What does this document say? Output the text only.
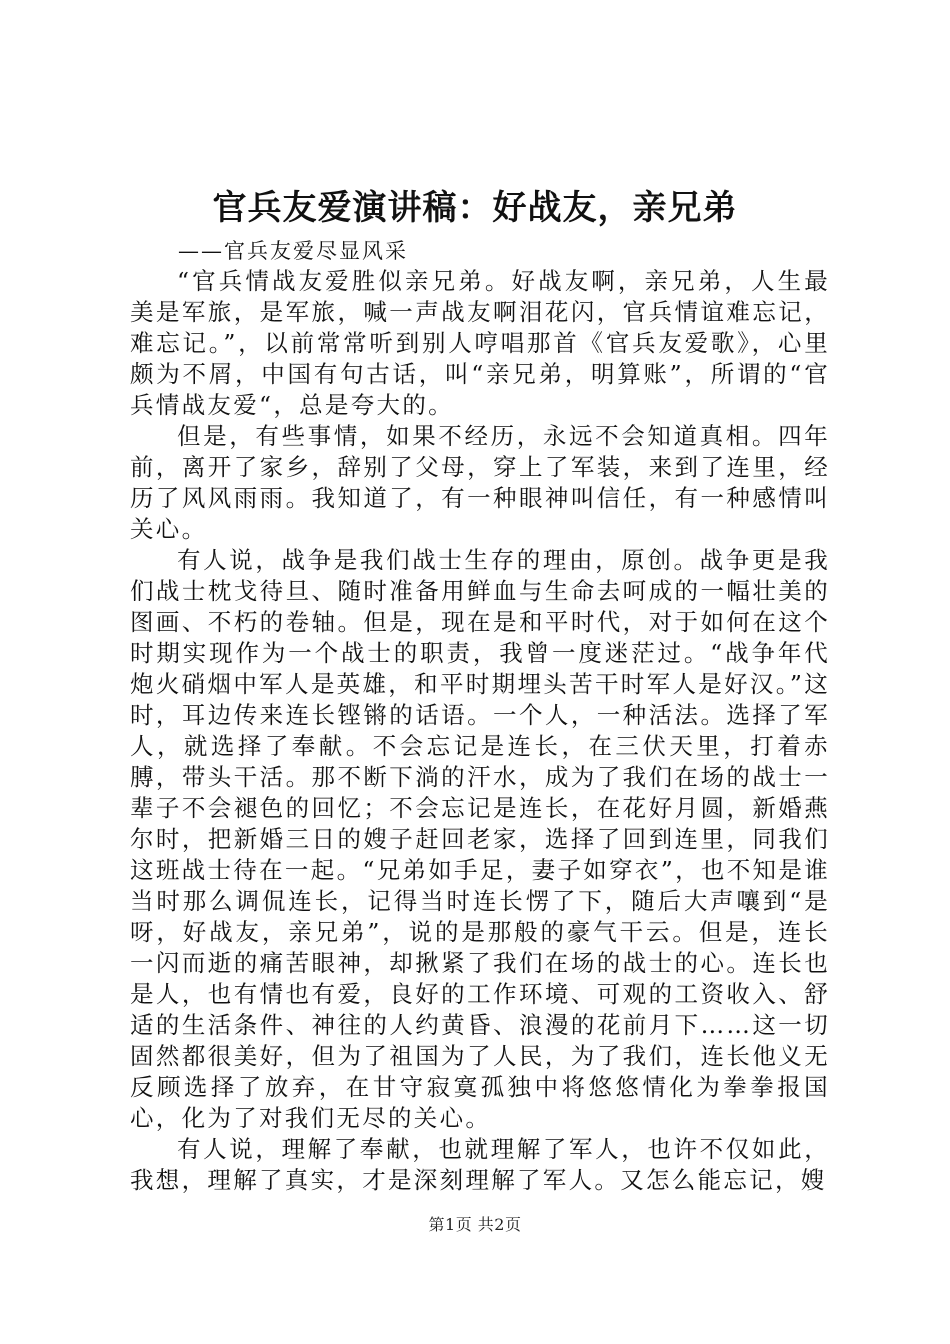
官兵友爱演讲稿：好战友，亲兄弟
——官兵友爱尽显风采

“官兵情战友爱胜似亲兄弟。好战友啊，亲兄弟，人生最美是军旅，是军旅，喊一声战友啊泪花闪，官兵情谊难忘记，难忘记。”，以前常常听到别人哼唱那首《官兵友爱歌》，心里颇为不屑，中国有句古话，叫“亲兄弟，明算账”，所谓的“官兵情战友爱“，总是夸大的。

但是，有些事情，如果不经历，永远不会知道真相。四年前，离开了家乡，辞别了父母，穿上了军装，来到了连里，经历了风风雨雨。我知道了，有一种眼神叫信任，有一种感情叫关心。

有人说，战争是我们战士生存的理由，原创。战争更是我们战士枕戈待旦、随时准备用鲜血与生命去呵成的一幅壮美的图画、不朽的卷轴。但是，现在是和平时代，对于如何在这个时期实现作为一个战士的职责，我曾一度迷茫过。“战争年代炮火硝烟中军人是英雄，和平时期埋头苦干时军人是好汉。”这时，耳边传来连长铿锵的话语。一个人，一种活法。选择了军人，就选择了奉献。不会忘记是连长，在三伏天里，打着赤膊，带头干活。那不断下淌的汗水，成为了我们在场的战士一辈子不会褪色的回忆；不会忘记是连长，在花好月圆，新婚燕尔时，把新婚三日的嫂子赶回老家，选择了回到连里，同我们这班战士待在一起。“兄弟如手足，妻子如穿衣”，也不知是谁当时那么调侃连长，记得当时连长愣了下，随后大声嚷到“是呀，好战友，亲兄弟”，说的是那般的豪气干云。但是，连长一闪而逝的痛苦眼神，却揪紧了我们在场的战士的心。连长也是人，也有情也有爱，良好的工作环境、可观的工资收入、舒适的生活条件、神往的人约黄昏、浪漫的花前月下……这一切固然都很美好，但为了祖国为了人民，为了我们，连长他义无反顾选择了放弃，在甘守寂寞孤独中将悠悠情化为拳拳报国心，化为了对我们无尽的关心。

有人说，理解了奉献，也就理解了军人，也许不仅如此，我想，理解了真实，才是深刻理解了军人。又怎么能忘记，嫂

第1页 共2页
